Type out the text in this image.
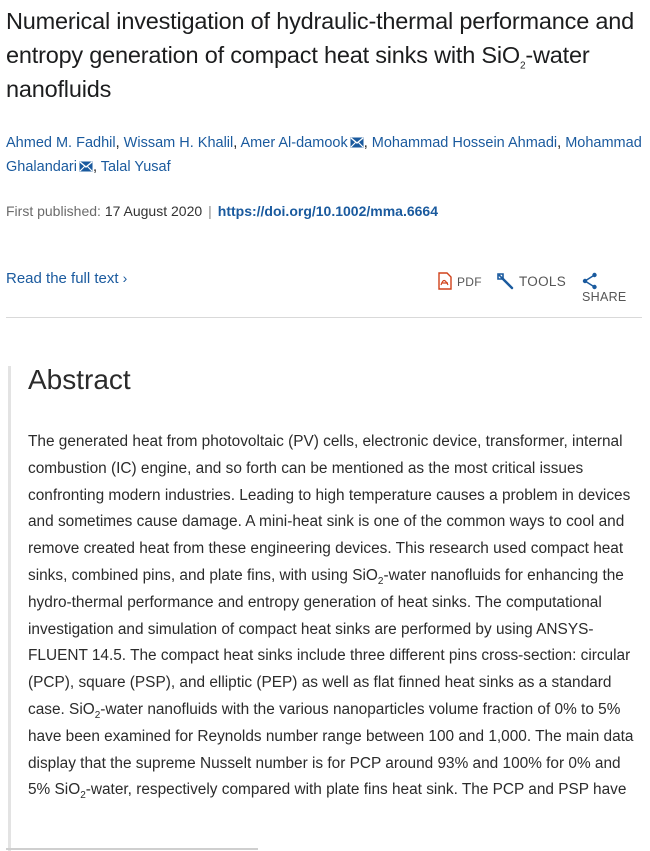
Numerical investigation of hydraulic-thermal performance and entropy generation of compact heat sinks with SiO$_2$-water nanofluids
Ahmed M. Fadhil, Wissam H. Khalil, Amer Al-damook , Mohammad Hossein Ahmadi, Mohammad Ghalandari , Talal Yusaf
First published: 17 August 2020 | https://doi.org/10.1002/mma.6664
Read the full text ›	PDF	TOOLS
SHARE
Abstract

The generated heat from photovoltaic (PV) cells, electronic device, transformer, internal combustion (IC) engine, and so forth can be mentioned as the most critical issues confronting modern industries. Leading to high temperature causes a problem in devices and sometimes cause damage. A mini-heat sink is one of the common ways to cool and remove created heat from these engineering devices. This research used compact heat sinks, combined pins, and plate fins, with using SiO$_2$-water nanofluids for enhancing the hydro-thermal performance and entropy generation of heat sinks. The computational investigation and simulation of compact heat sinks are performed by using ANSYS-FLUENT 14.5. The compact heat sinks include three different pins cross-section: circular (PCP), square (PSP), and elliptic (PEP) as well as flat finned heat sinks as a standard case. SiO$_2$-water nanofluids with the various nanoparticles volume fraction of 0% to 5% have been examined for Reynolds number range between 100 and 1,000. The main data display that the supreme Nusselt number is for PCP around 93% and 100% for 0% and 5% SiO$_2$-water, respectively compared with plate fins heat sink. The PCP and PSP have
